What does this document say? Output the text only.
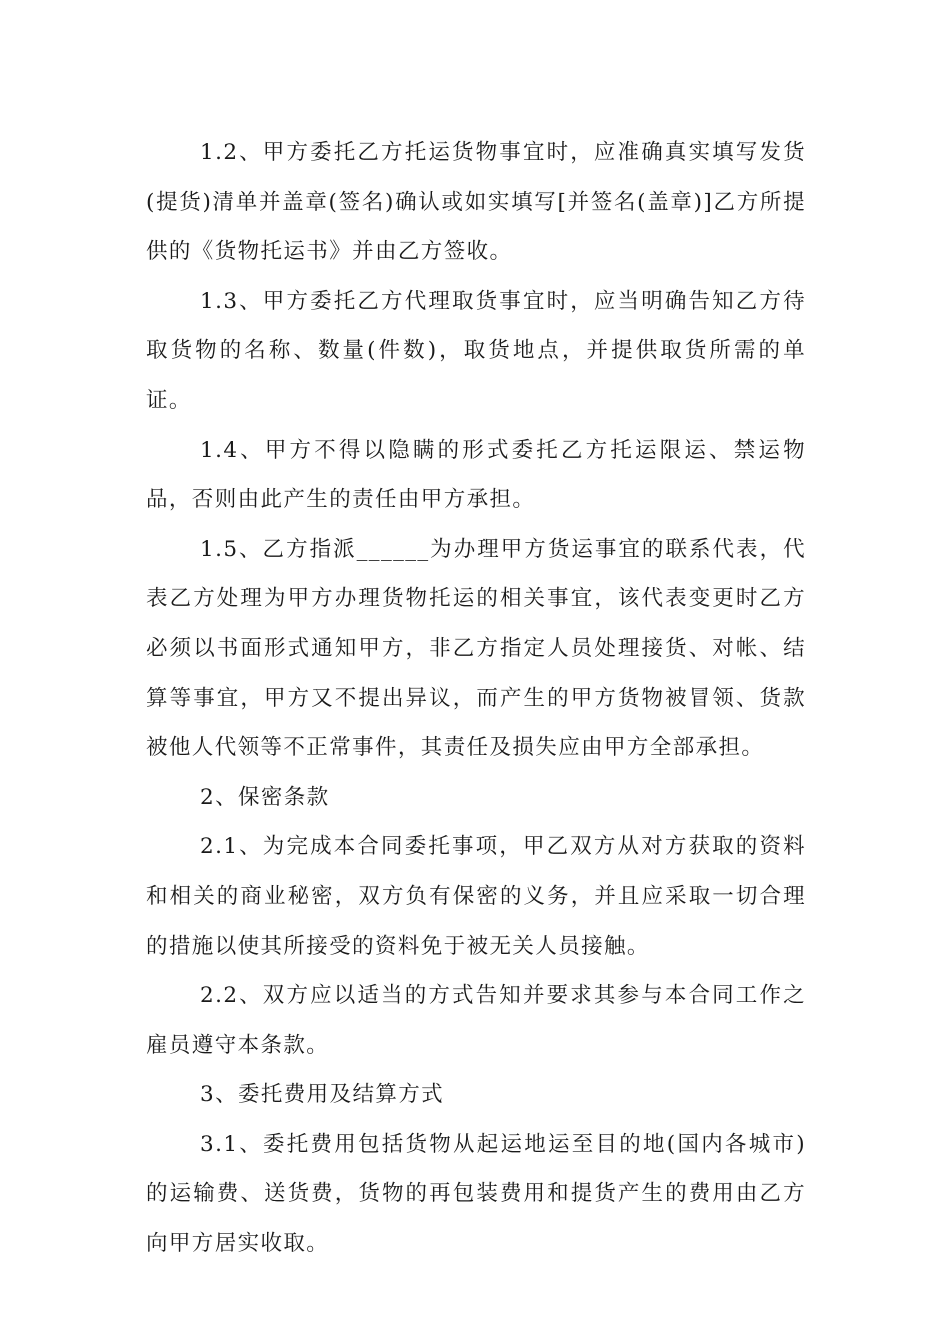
1.2、甲方委托乙方托运货物事宜时，应准确真实填写发货(提货)清单并盖章(签名)确认或如实填写[并签名(盖章)]乙方所提供的《货物托运书》并由乙方签收。

1.3、甲方委托乙方代理取货事宜时，应当明确告知乙方待取货物的名称、数量(件数)，取货地点，并提供取货所需的单证。

1.4、甲方不得以隐瞒的形式委托乙方托运限运、禁运物品，否则由此产生的责任由甲方承担。

1.5、乙方指派______为办理甲方货运事宜的联系代表，代表乙方处理为甲方办理货物托运的相关事宜，该代表变更时乙方必须以书面形式通知甲方，非乙方指定人员处理接货、对帐、结算等事宜，甲方又不提出异议，而产生的甲方货物被冒领、货款被他人代领等不正常事件，其责任及损失应由甲方全部承担。

2、保密条款

2.1、为完成本合同委托事项，甲乙双方从对方获取的资料和相关的商业秘密，双方负有保密的义务，并且应采取一切合理的措施以使其所接受的资料免于被无关人员接触。

2.2、双方应以适当的方式告知并要求其参与本合同工作之雇员遵守本条款。

3、委托费用及结算方式

3.1、委托费用包括货物从起运地运至目的地(国内各城市)的运输费、送货费，货物的再包装费用和提货产生的费用由乙方向甲方居实收取。
